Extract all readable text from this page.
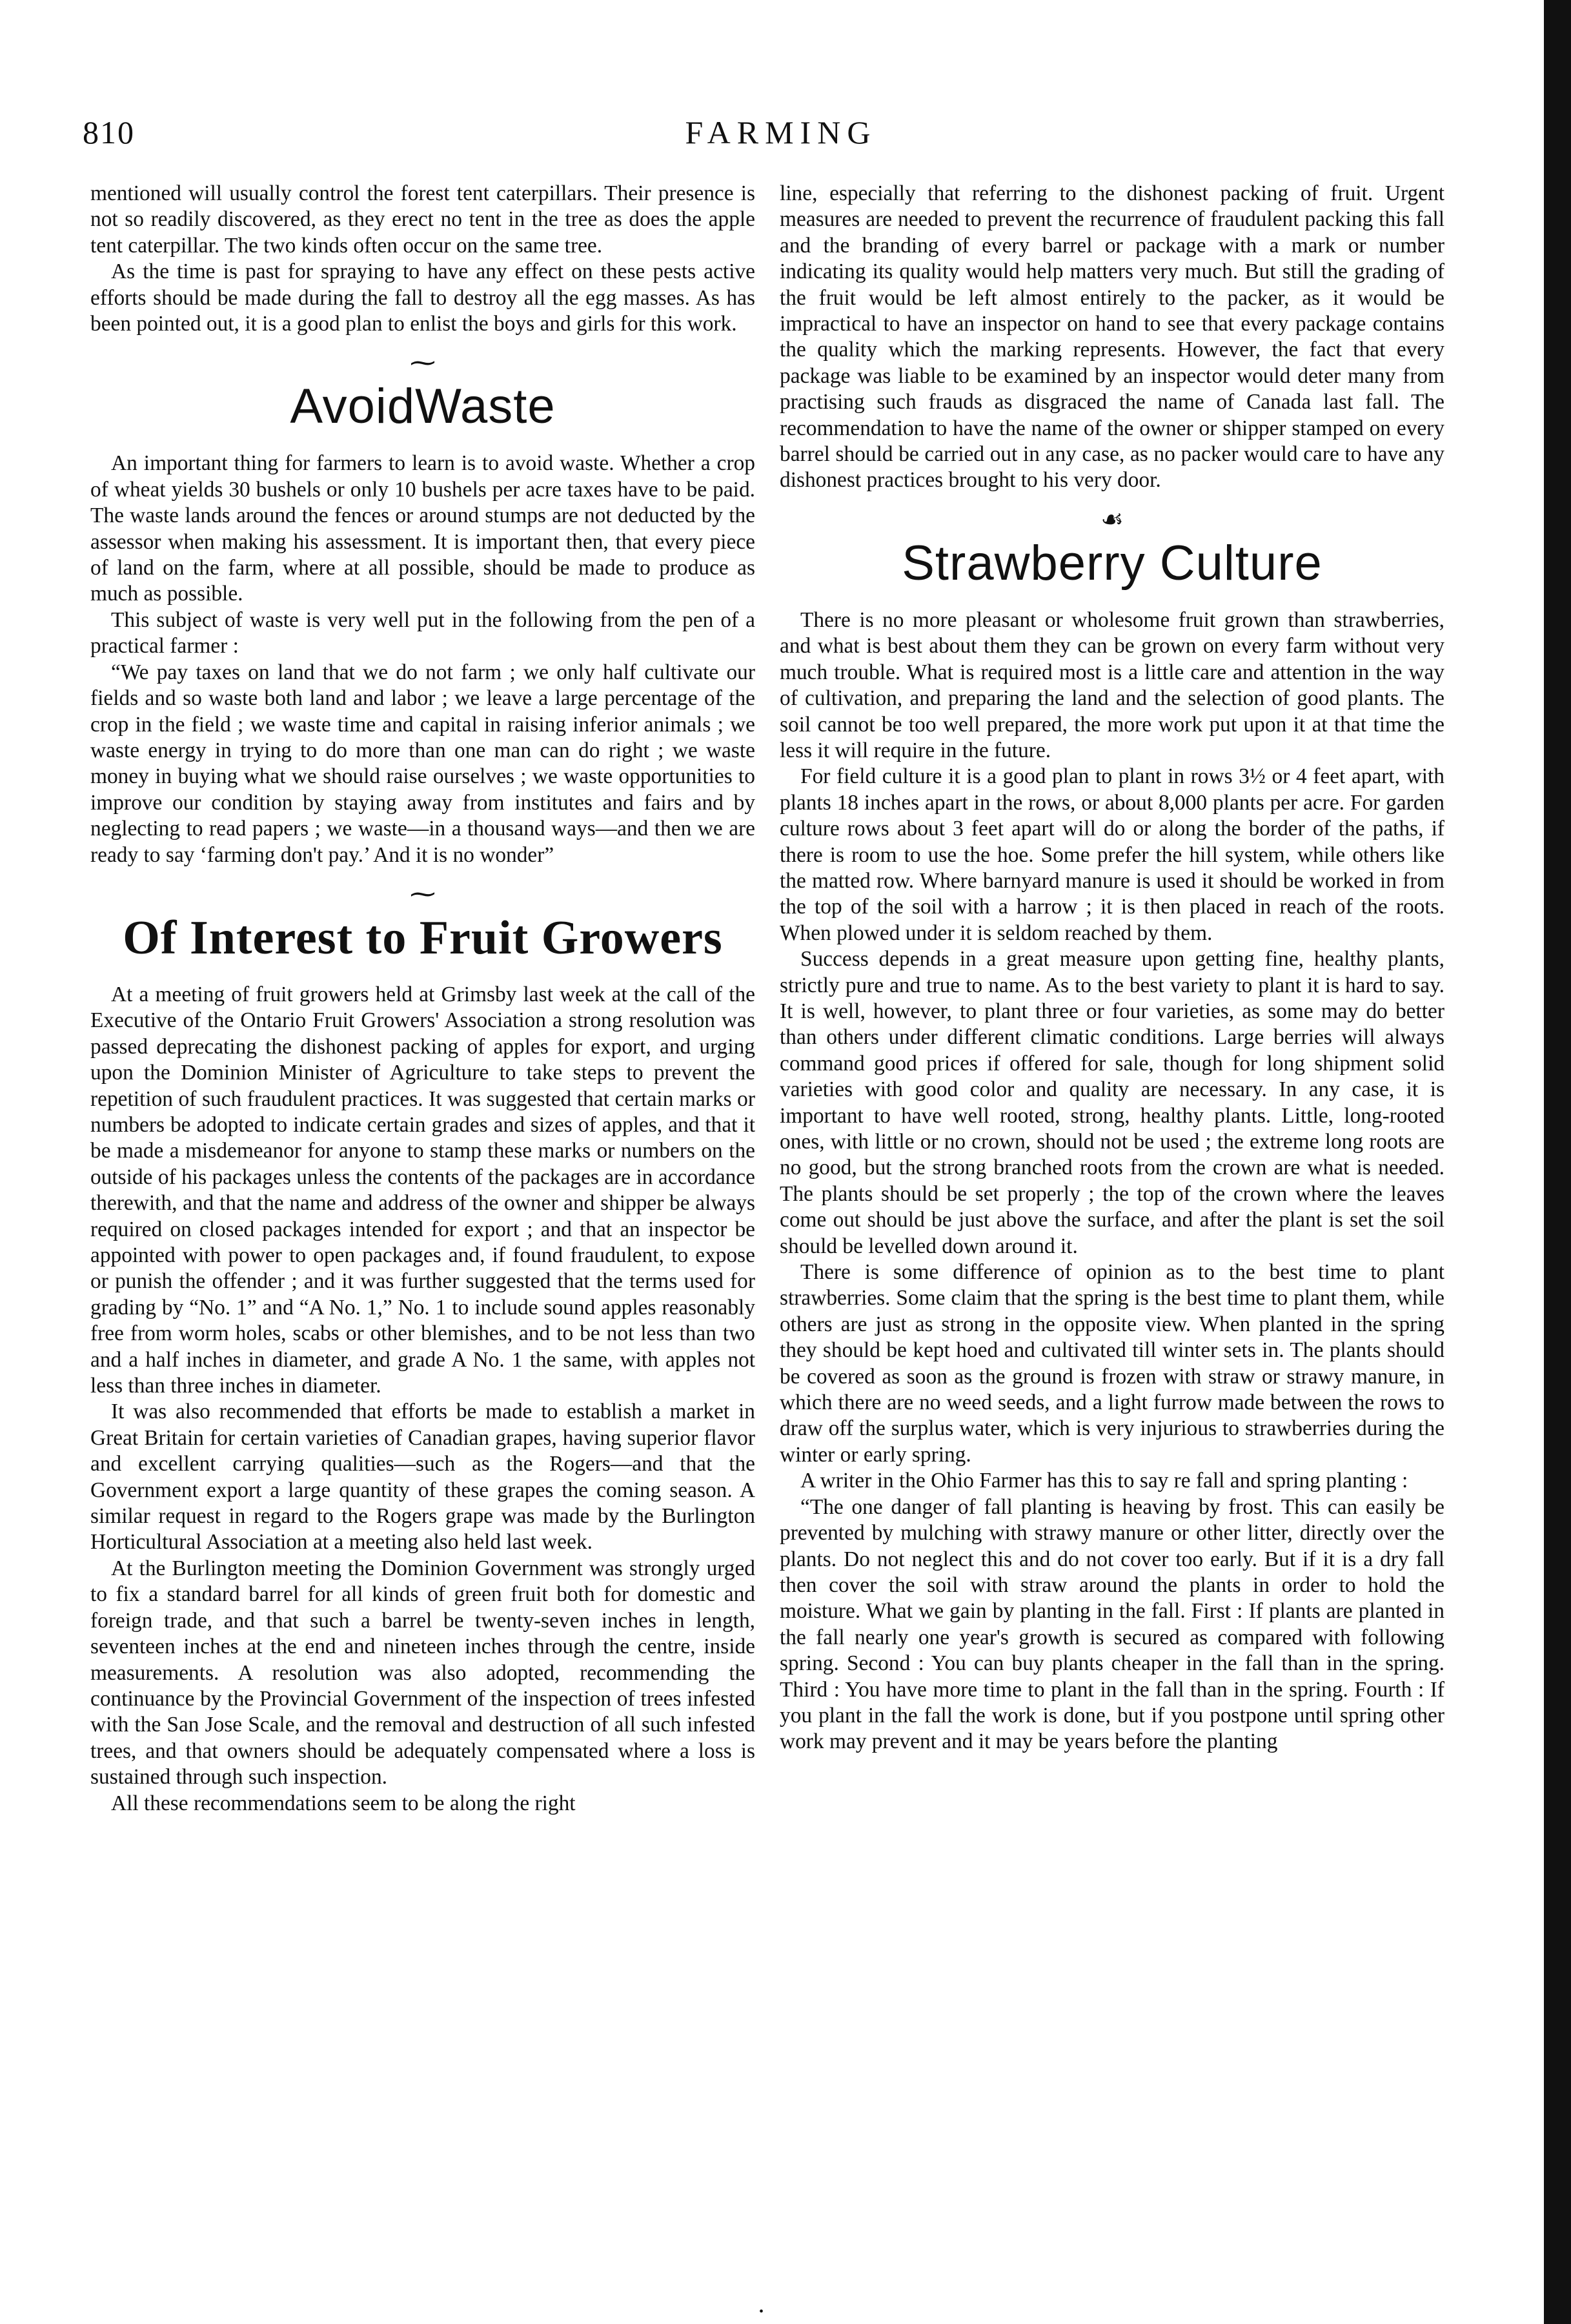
810	FARMING

mentioned will usually control the forest tent caterpillars. Their presence is not so readily discovered, as they erect no tent in the tree as does the apple tent caterpillar. The two kinds often occur on the same tree.

As the time is past for spraying to have any effect on these pests active efforts should be made during the fall to destroy all the egg masses. As has been pointed out, it is a good plan to enlist the boys and girls for this work.

⁓
AvoidWaste

An important thing for farmers to learn is to avoid waste. Whether a crop of wheat yields 30 bushels or only 10 bushels per acre taxes have to be paid. The waste lands around the fences or around stumps are not deducted by the assessor when making his assessment. It is important then, that every piece of land on the farm, where at all possible, should be made to produce as much as possible.

This subject of waste is very well put in the following from the pen of a practical farmer :

“We pay taxes on land that we do not farm ; we only half cultivate our fields and so waste both land and labor ; we leave a large percentage of the crop in the field ; we waste time and capital in raising inferior animals ; we waste energy in trying to do more than one man can do right ; we waste money in buying what we should raise ourselves ; we waste opportunities to improve our condition by staying away from institutes and fairs and by neglecting to read papers ; we waste—in a thousand ways—and then we are ready to say ‘farming don't pay.’ And it is no wonder”

⁓
Of Interest to Fruit Growers

At a meeting of fruit growers held at Grimsby last week at the call of the Executive of the Ontario Fruit Growers' Association a strong resolution was passed deprecating the dishonest packing of apples for export, and urging upon the Dominion Minister of Agriculture to take steps to prevent the repetition of such fraudulent practices. It was suggested that certain marks or numbers be adopted to indicate certain grades and sizes of apples, and that it be made a misdemeanor for anyone to stamp these marks or numbers on the outside of his packages unless the contents of the packages are in accordance therewith, and that the name and address of the owner and shipper be always required on closed packages intended for export ; and that an inspector be appointed with power to open packages and, if found fraudulent, to expose or punish the offender ; and it was further suggested that the terms used for grading by “No. 1” and “A No. 1,” No. 1 to include sound apples reasonably free from worm holes, scabs or other blemishes, and to be not less than two and a half inches in diameter, and grade A No. 1 the same, with apples not less than three inches in diameter.

It was also recommended that efforts be made to establish a market in Great Britain for certain varieties of Canadian grapes, having superior flavor and excellent carrying qualities—such as the Rogers—and that the Government export a large quantity of these grapes the coming season. A similar request in regard to the Rogers grape was made by the Burlington Horticultural Association at a meeting also held last week.

At the Burlington meeting the Dominion Government was strongly urged to fix a standard barrel for all kinds of green fruit both for domestic and foreign trade, and that such a barrel be twenty-seven inches in length, seventeen inches at the end and nineteen inches through the centre, inside measurements. A resolution was also adopted, recommending the continuance by the Provincial Government of the inspection of trees infested with the San Jose Scale, and the removal and destruction of all such infested trees, and that owners should be adequately compensated where a loss is sustained through such inspection.

All these recommendations seem to be along the right

line, especially that referring to the dishonest packing of fruit. Urgent measures are needed to prevent the recurrence of fraudulent packing this fall and the branding of every barrel or package with a mark or number indicating its quality would help matters very much. But still the grading of the fruit would be left almost entirely to the packer, as it would be impractical to have an inspector on hand to see that every package contains the quality which the marking represents. However, the fact that every package was liable to be examined by an inspector would deter many from practising such frauds as disgraced the name of Canada last fall. The recommendation to have the name of the owner or shipper stamped on every barrel should be carried out in any case, as no packer would care to have any dishonest practices brought to his very door.

☙
Strawberry Culture

There is no more pleasant or wholesome fruit grown than strawberries, and what is best about them they can be grown on every farm without very much trouble. What is required most is a little care and attention in the way of cultivation, and preparing the land and the selection of good plants. The soil cannot be too well prepared, the more work put upon it at that time the less it will require in the future.

For field culture it is a good plan to plant in rows 3½ or 4 feet apart, with plants 18 inches apart in the rows, or about 8,000 plants per acre. For garden culture rows about 3 feet apart will do or along the border of the paths, if there is room to use the hoe. Some prefer the hill system, while others like the matted row. Where barnyard manure is used it should be worked in from the top of the soil with a harrow ; it is then placed in reach of the roots. When plowed under it is seldom reached by them.

Success depends in a great measure upon getting fine, healthy plants, strictly pure and true to name. As to the best variety to plant it is hard to say. It is well, however, to plant three or four varieties, as some may do better than others under different climatic conditions. Large berries will always command good prices if offered for sale, though for long shipment solid varieties with good color and quality are necessary. In any case, it is important to have well rooted, strong, healthy plants. Little, long-rooted ones, with little or no crown, should not be used ; the extreme long roots are no good, but the strong branched roots from the crown are what is needed. The plants should be set properly ; the top of the crown where the leaves come out should be just above the surface, and after the plant is set the soil should be levelled down around it.

There is some difference of opinion as to the best time to plant strawberries. Some claim that the spring is the best time to plant them, while others are just as strong in the opposite view. When planted in the spring they should be kept hoed and cultivated till winter sets in. The plants should be covered as soon as the ground is frozen with straw or strawy manure, in which there are no weed seeds, and a light furrow made between the rows to draw off the surplus water, which is very injurious to strawberries during the winter or early spring.

A writer in the Ohio Farmer has this to say re fall and spring planting :

“The one danger of fall planting is heaving by frost. This can easily be prevented by mulching with strawy manure or other litter, directly over the plants. Do not neglect this and do not cover too early. But if it is a dry fall then cover the soil with straw around the plants in order to hold the moisture. What we gain by planting in the fall. First : If plants are planted in the fall nearly one year's growth is secured as compared with following spring. Second : You can buy plants cheaper in the fall than in the spring. Third : You have more time to plant in the fall than in the spring. Fourth : If you plant in the fall the work is done, but if you postpone until spring other work may prevent and it may be years before the planting

•
